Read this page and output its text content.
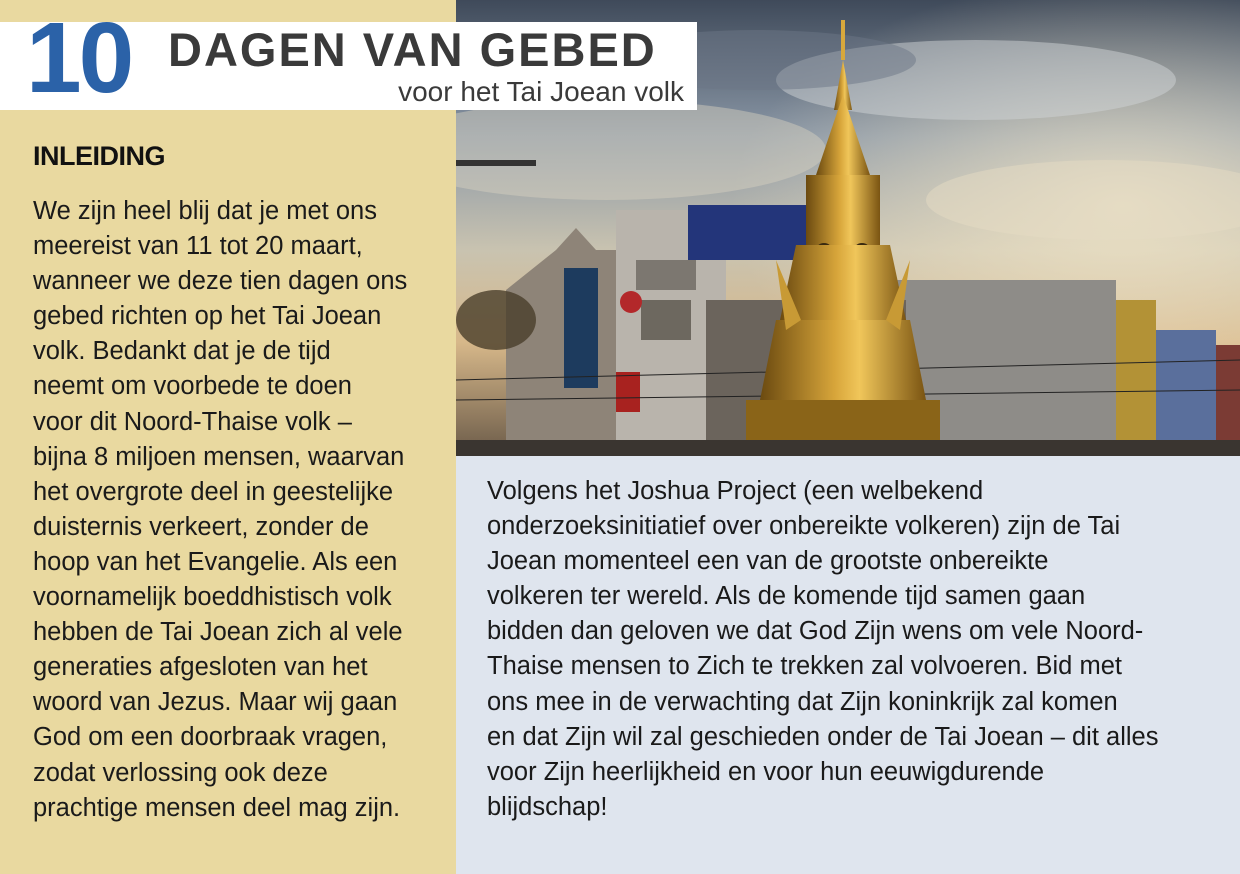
10 DAGEN VAN GEBED
voor het Tai Joean volk
INLEIDING
We zijn heel blij dat je met ons
meereist van 11 tot 20 maart,
wanneer we deze tien dagen ons
gebed richten op het Tai Joean
volk. Bedankt dat je de tijd
neemt om voorbede te doen
voor dit Noord-Thaise volk –
bijna 8 miljoen mensen, waarvan
het overgrote deel in geestelijke
duisternis verkeert, zonder de
hoop van het Evangelie. Als een
voornamelijk boeddhistisch volk
hebben de Tai Joean zich al vele
generaties afgesloten van het
woord van Jezus. Maar wij gaan
God om een doorbraak vragen,
zodat verlossing ook deze
prachtige mensen deel mag zijn.
Volgens het Joshua Project (een welbekend
onderzoeksinitiatief over onbereikte volkeren) zijn de Tai
Joean momenteel een van de grootste onbereikte
volkeren ter wereld. Als de komende tijd samen gaan
bidden dan geloven we dat God Zijn wens om vele Noord-
Thaise mensen to Zich te trekken zal volvoeren. Bid met
ons mee in de verwachting dat Zijn koninkrijk zal komen
en dat Zijn wil zal geschieden onder de Tai Joean – dit alles
voor Zijn heerlijkheid en voor hun eeuwigdurende
blijdschap!
